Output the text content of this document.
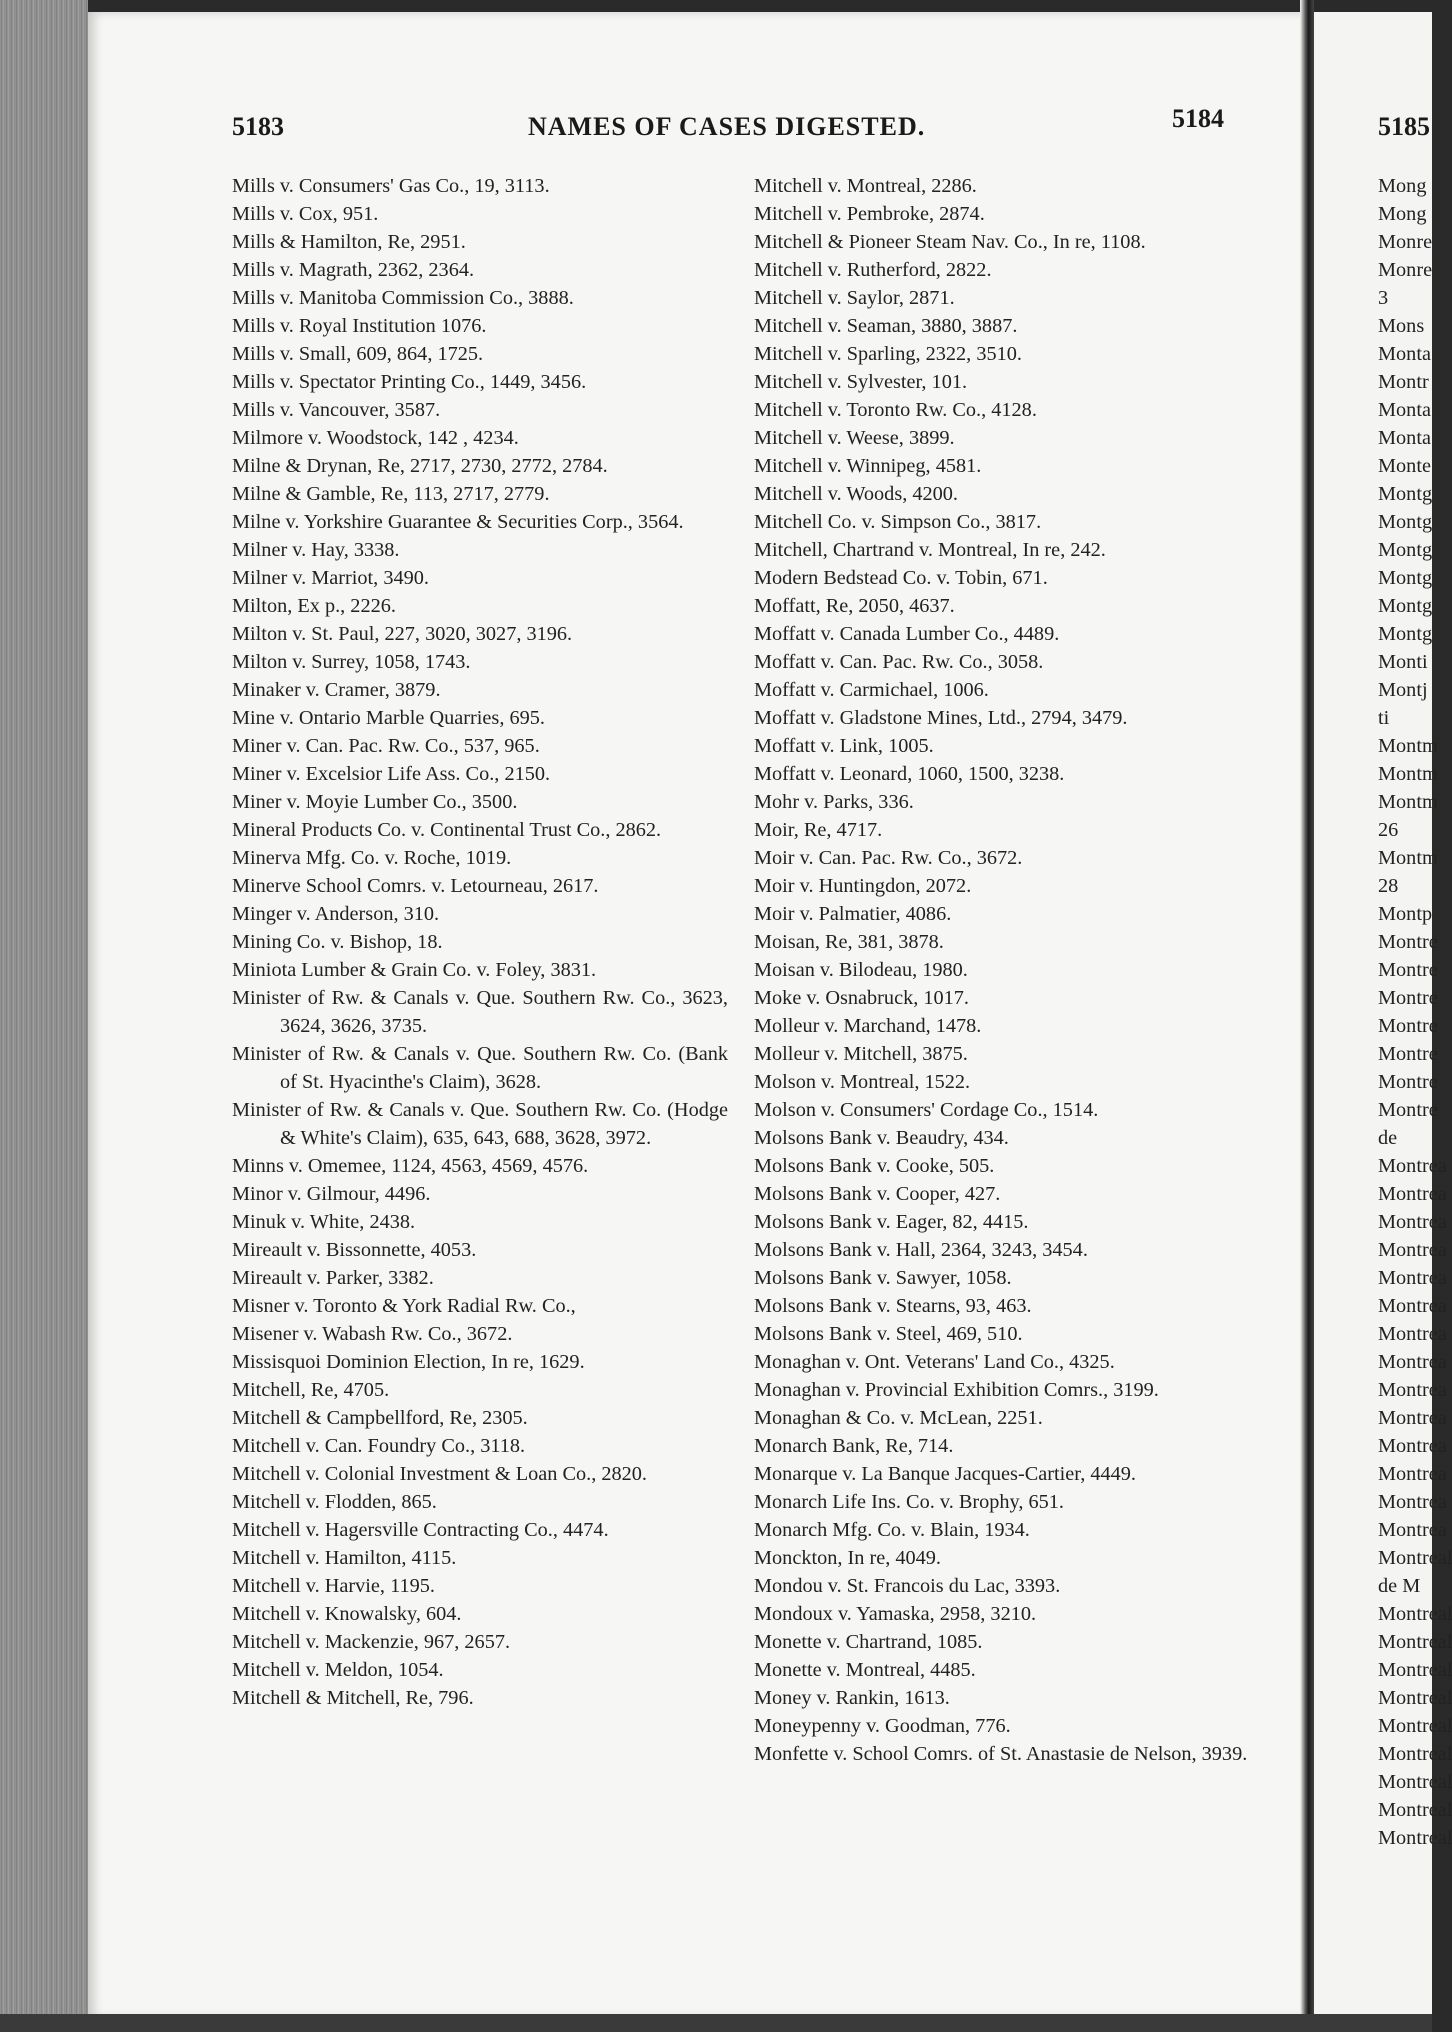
5183	NAMES OF CASES DIGESTED.	5184	5185
Mills v. Consumers' Gas Co., 19, 3113.
Mills v. Cox, 951.
Mills & Hamilton, Re, 2951.
Mills v. Magrath, 2362, 2364.
Mills v. Manitoba Commission Co., 3888.
Mills v. Royal Institution 1076.
Mills v. Small, 609, 864, 1725.
Mills v. Spectator Printing Co., 1449, 3456.
Mills v. Vancouver, 3587.
Milmore v. Woodstock, 142 , 4234.
Milne & Drynan, Re, 2717, 2730, 2772, 2784.
Milne & Gamble, Re, 113, 2717, 2779.
Milne v. Yorkshire Guarantee & Securities Corp., 3564.
Milner v. Hay, 3338.
Milner v. Marriot, 3490.
Milton, Ex p., 2226.
Milton v. St. Paul, 227, 3020, 3027, 3196.
Milton v. Surrey, 1058, 1743.
Minaker v. Cramer, 3879.
Mine v. Ontario Marble Quarries, 695.
Miner v. Can. Pac. Rw. Co., 537, 965.
Miner v. Excelsior Life Ass. Co., 2150.
Miner v. Moyie Lumber Co., 3500.
Mineral Products Co. v. Continental Trust Co., 2862.
Minerva Mfg. Co. v. Roche, 1019.
Minerve School Comrs. v. Letourneau, 2617.
Minger v. Anderson, 310.
Mining Co. v. Bishop, 18.
Miniota Lumber & Grain Co. v. Foley, 3831.
Minister of Rw. & Canals v. Que. Southern Rw. Co., 3623, 3624, 3626, 3735.
Minister of Rw. & Canals v. Que. Southern Rw. Co. (Bank of St. Hyacinthe's Claim), 3628.
Minister of Rw. & Canals v. Que. Southern Rw. Co. (Hodge & White's Claim), 635, 643, 688, 3628, 3972.
Minns v. Omemee, 1124, 4563, 4569, 4576.
Minor v. Gilmour, 4496.
Minuk v. White, 2438.
Mireault v. Bissonnette, 4053.
Mireault v. Parker, 3382.
Misner v. Toronto & York Radial Rw. Co.,
Misener v. Wabash Rw. Co., 3672.
Missisquoi Dominion Election, In re, 1629.
Mitchell, Re, 4705.
Mitchell & Campbellford, Re, 2305.
Mitchell v. Can. Foundry Co., 3118.
Mitchell v. Colonial Investment & Loan Co., 2820.
Mitchell v. Flodden, 865.
Mitchell v. Hagersville Contracting Co., 4474.
Mitchell v. Hamilton, 4115.
Mitchell v. Harvie, 1195.
Mitchell v. Knowalsky, 604.
Mitchell v. Mackenzie, 967, 2657.
Mitchell v. Meldon, 1054.
Mitchell & Mitchell, Re, 796.
Mitchell v. Montreal, 2286.
Mitchell v. Pembroke, 2874.
Mitchell & Pioneer Steam Nav. Co., In re, 1108.
Mitchell v. Rutherford, 2822.
Mitchell v. Saylor, 2871.
Mitchell v. Seaman, 3880, 3887.
Mitchell v. Sparling, 2322, 3510.
Mitchell v. Sylvester, 101.
Mitchell v. Toronto Rw. Co., 4128.
Mitchell v. Weese, 3899.
Mitchell v. Winnipeg, 4581.
Mitchell v. Woods, 4200.
Mitchell Co. v. Simpson Co., 3817.
Mitchell, Chartrand v. Montreal, In re, 242.
Modern Bedstead Co. v. Tobin, 671.
Moffatt, Re, 2050, 4637.
Moffatt v. Canada Lumber Co., 4489.
Moffatt v. Can. Pac. Rw. Co., 3058.
Moffatt v. Carmichael, 1006.
Moffatt v. Gladstone Mines, Ltd., 2794, 3479.
Moffatt v. Link, 1005.
Moffatt v. Leonard, 1060, 1500, 3238.
Mohr v. Parks, 336.
Moir, Re, 4717.
Moir v. Can. Pac. Rw. Co., 3672.
Moir v. Huntingdon, 2072.
Moir v. Palmatier, 4086.
Moisan, Re, 381, 3878.
Moisan v. Bilodeau, 1980.
Moke v. Osnabruck, 1017.
Molleur v. Marchand, 1478.
Molleur v. Mitchell, 3875.
Molson v. Montreal, 1522.
Molson v. Consumers' Cordage Co., 1514.
Molsons Bank v. Beaudry, 434.
Molsons Bank v. Cooke, 505.
Molsons Bank v. Cooper, 427.
Molsons Bank v. Eager, 82, 4415.
Molsons Bank v. Hall, 2364, 3243, 3454.
Molsons Bank v. Sawyer, 1058.
Molsons Bank v. Stearns, 93, 463.
Molsons Bank v. Steel, 469, 510.
Monaghan v. Ont. Veterans' Land Co., 4325.
Monaghan v. Provincial Exhibition Comrs., 3199.
Monaghan & Co. v. McLean, 2251.
Monarch Bank, Re, 714.
Monarque v. La Banque Jacques-Cartier, 4449.
Monarch Life Ins. Co. v. Brophy, 651.
Monarch Mfg. Co. v. Blain, 1934.
Monckton, In re, 4049.
Mondou v. St. Francois du Lac, 3393.
Mondoux v. Yamaska, 2958, 3210.
Monette v. Chartrand, 1085.
Monette v. Montreal, 4485.
Money v. Rankin, 1613.
Moneypenny v. Goodman, 776.
Monfette v. School Comrs. of St. Anastasie de Nelson, 3939.
Mong
Mong
Monre
Monre
3
Mons
Monta
Montr
Monta
Monta
Monte
Montg
Montg
Montg
Montg
Montg
Montg
Monti
Montj
ti
Montm
Montm
Montm
26
Montm
28
Montp
Montre
Montre
Montre
Montre
Montre
Montre
Montre
de
Montrea
Montrea
Montrea
Montrea
Montrea
Montrea
Montrea
Montrea
Montrea
Montrea
Montrea
Montrea
Montrea
Montrea
Montreal
de M
Montreal
Montreal
Montreal
Montreal
Montreal
Montreal
Montreal
Montreal
Montreal
